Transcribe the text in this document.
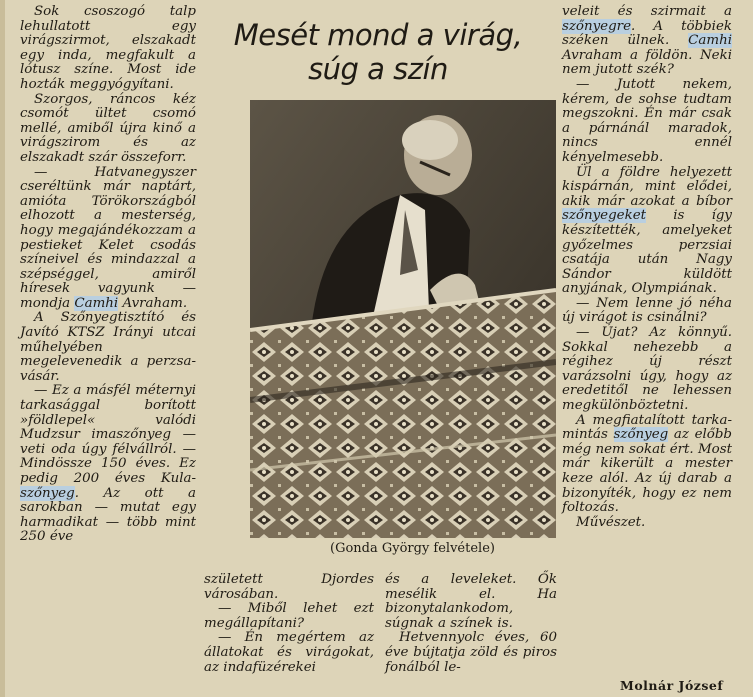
Sok csoszogó talp lehullatott egy virágszirmot, elszakadt egy inda, megfakult a lótusz színe. Most ide hozták meggyógyítani.

Szorgos, ráncos kéz csomót ültet csomó mellé, amiből újra kinő a virágszirom és az elszakadt szár összeforr.

— Hatvanegyszer cseréltünk már naptárt, amióta Törökországból elhozott a mesterség, hogy megajándékozzam a pestieket Kelet csodás színeivel és mindazzal a szépséggel, amiről híresek vagyunk — mondja Camhi Avraham.

A Szőnyegtisztító és Javító KTSZ Irányi utcai műhelyében megelevenedik a perzsa-vásár.

— Ez a másfél méternyi tarkasággal borított »földlepel« valódi Mudzsur imaszőnyeg — veti oda úgy félvállról. — Mindössze 150 éves. Ez pedig 200 éves Kula-szőnyeg. Az ott a sarokban — mutat egy harmadikat — több mint 250 éve

Mesét mond a virág,
súg a szín
(Gonda György felvétele)

született Djordes városában.

— Miből lehet ezt megállapítani?

— Én megértem az állatokat és virágokat, az indafüzérekei

és a leveleket. Ők mesélik el. Ha bizonytalankodom, súgnak a színek is.

Hetvennyolc éves, 60 éve bújtatja zöld és piros fonálból le-

veleit és szirmait a szőnyegre. A többiek széken ülnek. Camhi Avraham a földön. Neki nem jutott szék?

— Jutott nekem, kérem, de sohse tudtam megszokni. Én már csak a párnánál maradok, nincs ennél kényelmesebb.

Ül a földre helyezett kispárnán, mint elődei, akik már azokat a bíbor szőnyegeket is így készítették, amelyeket győzelmes perzsiai csatája után Nagy Sándor küldött anyjának, Olympiának.

— Nem lenne jó néha új virágot is csinálni?

— Újat? Az könnyű. Sokkal nehezebb a régihez új részt varázsolni úgy, hogy az eredetitől ne lehessen megkülönböztetni.

A megfiatalított tarka-mintás szőnyeg az előbb még nem sokat ért. Most már kikerült a mester keze alól. Az új darab a bizonyíték, hogy ez nem foltozás.

Művészet.

Molnár József
